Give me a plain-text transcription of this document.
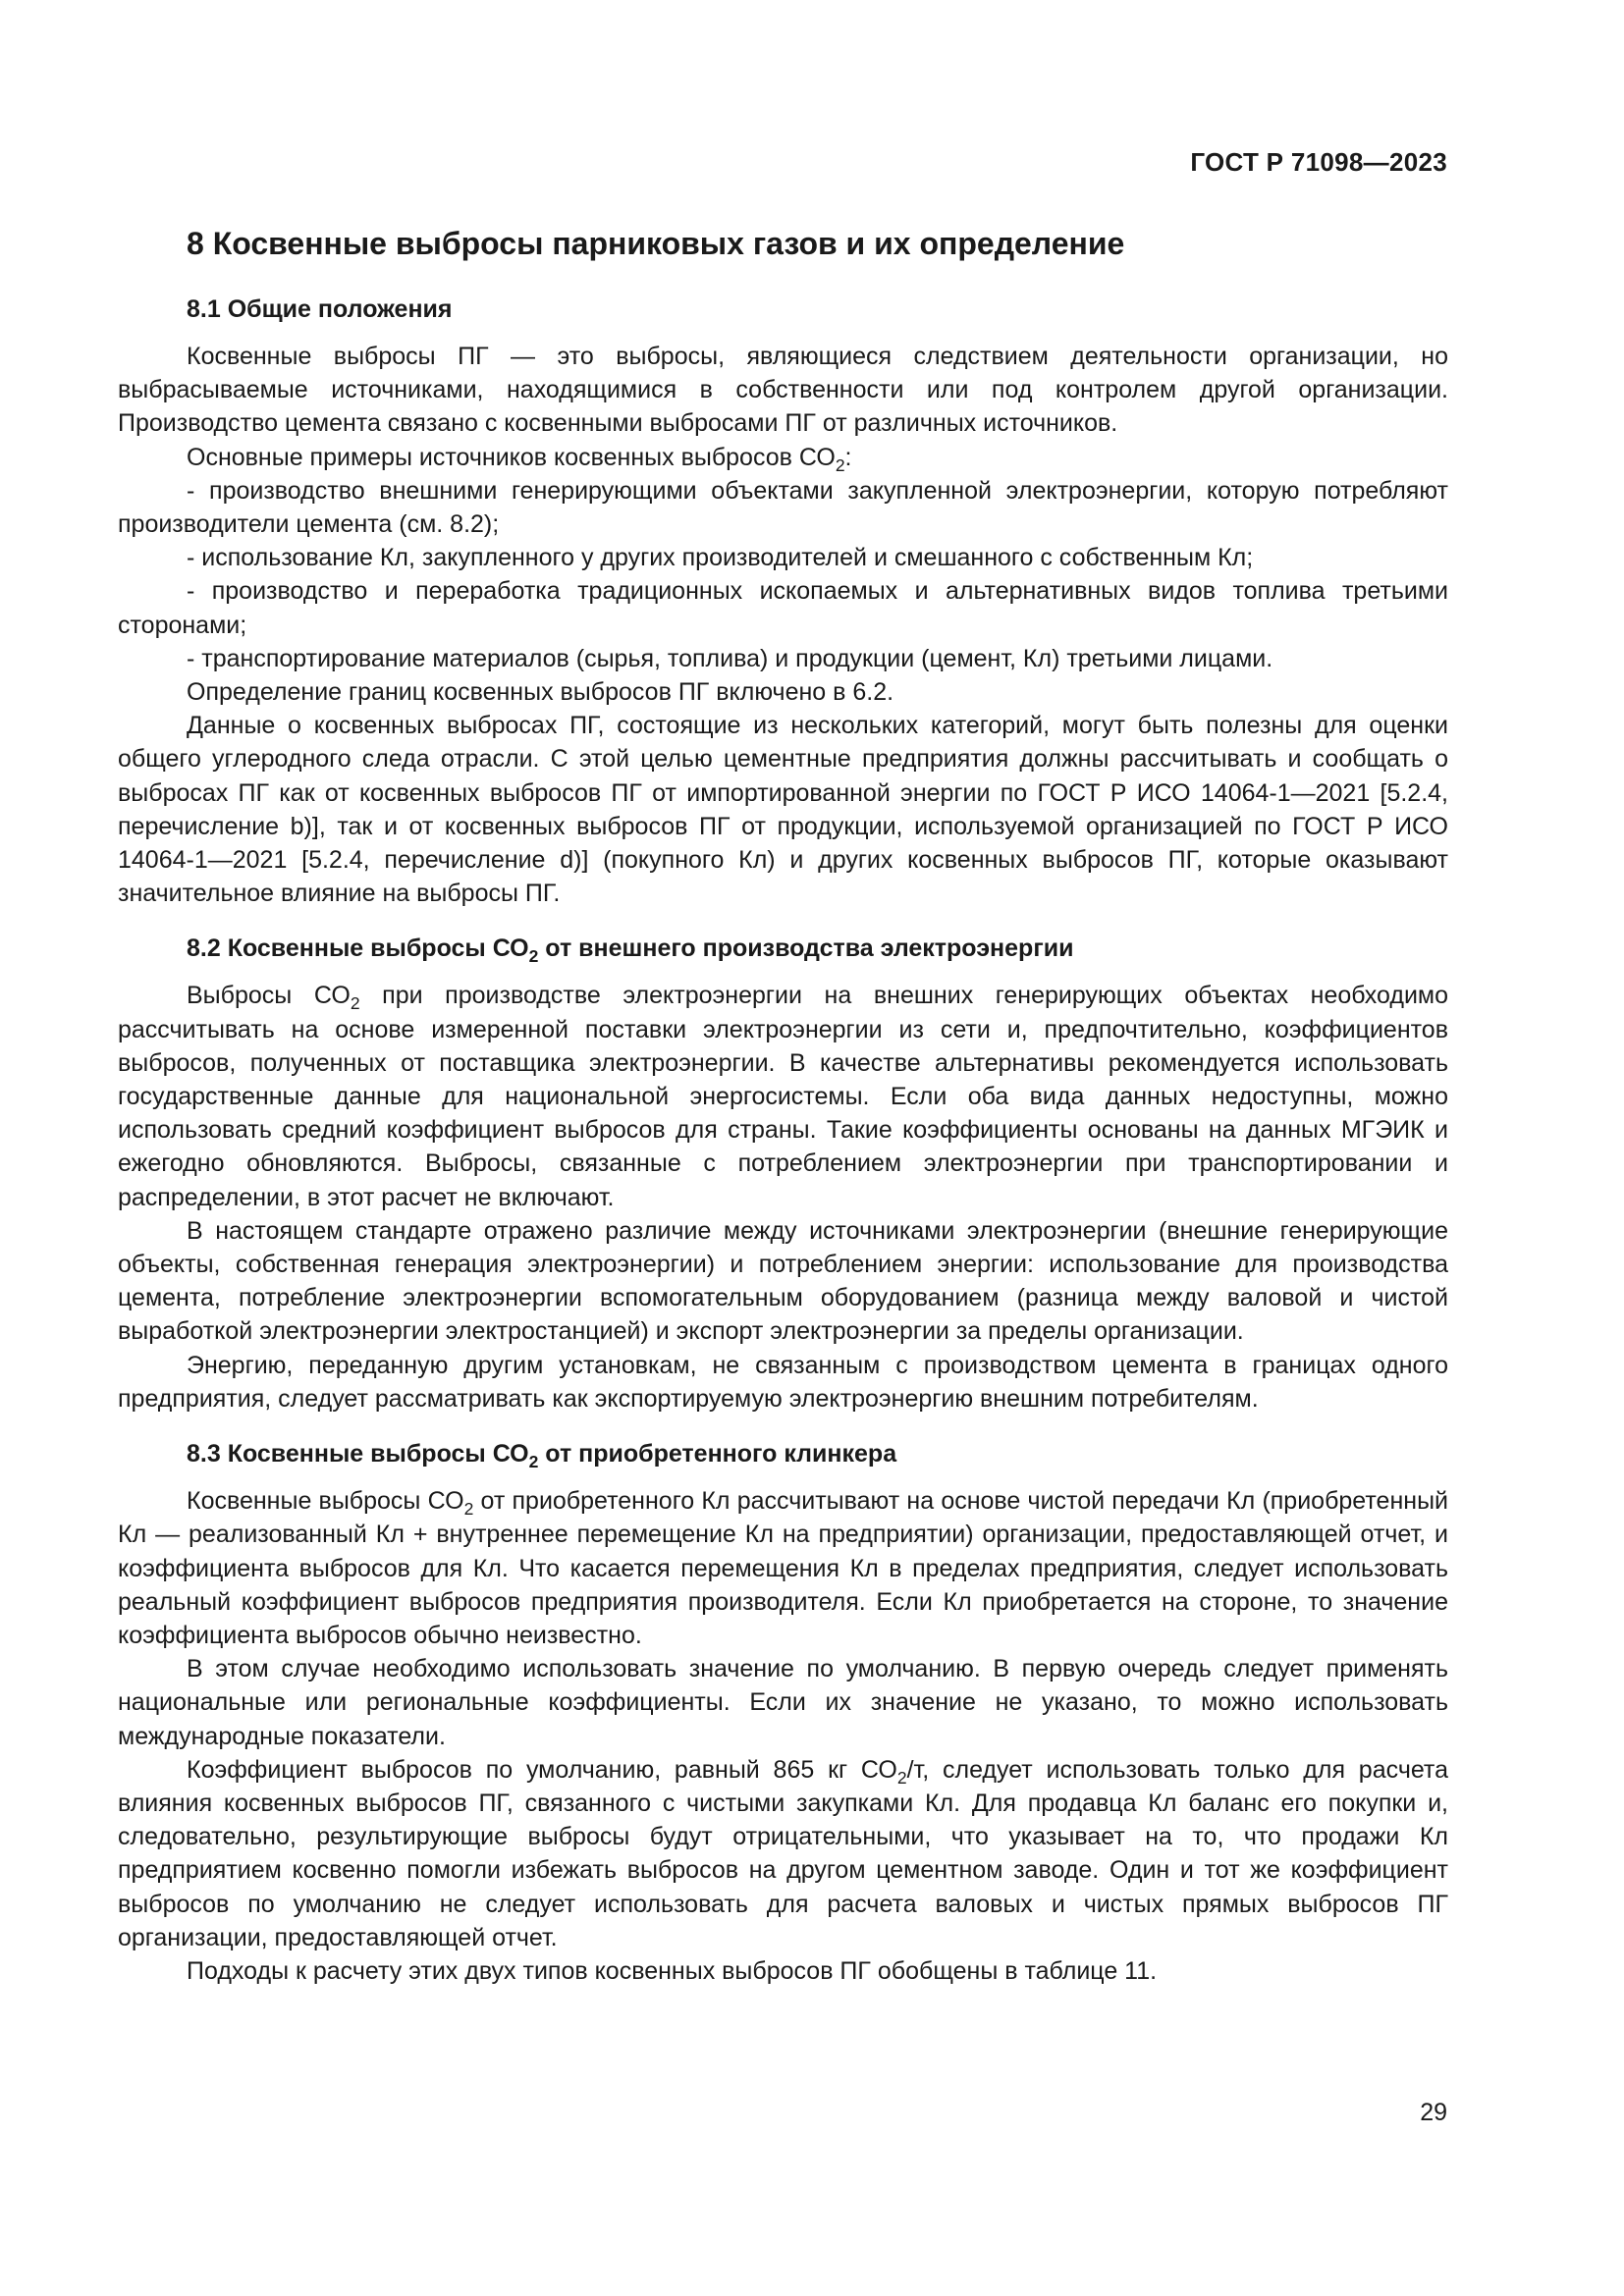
ГОСТ Р 71098—2023
8 Косвенные выбросы парниковых газов и их определение
8.1 Общие положения

Косвенные выбросы ПГ — это выбросы, являющиеся следствием деятельности организации, но выбрасываемые источниками, находящимися в собственности или под контролем другой организации. Производство цемента связано с косвенными выбросами ПГ от различных источников.

Основные примеры источников косвенных выбросов $СО_2$:

- производство внешними генерирующими объектами закупленной электроэнергии, которую потребляют производители цемента (см. 8.2);

- использование Кл, закупленного у других производителей и смешанного с собственным Кл;

- производство и переработка традиционных ископаемых и альтернативных видов топлива третьими сторонами;

- транспортирование материалов (сырья, топлива) и продукции (цемент, Кл) третьими лицами.

Определение границ косвенных выбросов ПГ включено в 6.2.

Данные о косвенных выбросах ПГ, состоящие из нескольких категорий, могут быть полезны для оценки общего углеродного следа отрасли. С этой целью цементные предприятия должны рассчитывать и сообщать о выбросах ПГ как от косвенных выбросов ПГ от импортированной энергии по ГОСТ Р ИСО 14064-1—2021 [5.2.4, перечисление b)], так и от косвенных выбросов ПГ от продукции, используемой организацией по ГОСТ Р ИСО 14064-1—2021 [5.2.4, перечисление d)] (покупного Кл) и других косвенных выбросов ПГ, которые оказывают значительное влияние на выбросы ПГ.

8.2 Косвенные выбросы $СО_2$ от внешнего производства электроэнергии

Выбросы $СО_2$ при производстве электроэнергии на внешних генерирующих объектах необходимо рассчитывать на основе измеренной поставки электроэнергии из сети и, предпочтительно, коэффициентов выбросов, полученных от поставщика электроэнергии. В качестве альтернативы рекомендуется использовать государственные данные для национальной энергосистемы. Если оба вида данных недоступны, можно использовать средний коэффициент выбросов для страны. Такие коэффициенты основаны на данных МГЭИК и ежегодно обновляются. Выбросы, связанные с потреблением электроэнергии при транспортировании и распределении, в этот расчет не включают.

В настоящем стандарте отражено различие между источниками электроэнергии (внешние генерирующие объекты, собственная генерация электроэнергии) и потреблением энергии: использование для производства цемента, потребление электроэнергии вспомогательным оборудованием (разница между валовой и чистой выработкой электроэнергии электростанцией) и экспорт электроэнергии за пределы организации.

Энергию, переданную другим установкам, не связанным с производством цемента в границах одного предприятия, следует рассматривать как экспортируемую электроэнергию внешним потребителям.

8.3 Косвенные выбросы $СО_2$ от приобретенного клинкера

Косвенные выбросы $СО_2$ от приобретенного Кл рассчитывают на основе чистой передачи Кл (приобретенный Кл — реализованный Кл + внутреннее перемещение Кл на предприятии) организации, предоставляющей отчет, и коэффициента выбросов для Кл. Что касается перемещения Кл в пределах предприятия, следует использовать реальный коэффициент выбросов предприятия производителя. Если Кл приобретается на стороне, то значение коэффициента выбросов обычно неизвестно.

В этом случае необходимо использовать значение по умолчанию. В первую очередь следует применять национальные или региональные коэффициенты. Если их значение не указано, то можно использовать международные показатели.

Коэффициент выбросов по умолчанию, равный 865 кг $СО_2/т$, следует использовать только для расчета влияния косвенных выбросов ПГ, связанного с чистыми закупками Кл. Для продавца Кл баланс его покупки и, следовательно, результирующие выбросы будут отрицательными, что указывает на то, что продажи Кл предприятием косвенно помогли избежать выбросов на другом цементном заводе. Один и тот же коэффициент выбросов по умолчанию не следует использовать для расчета валовых и чистых прямых выбросов ПГ организации, предоставляющей отчет.

Подходы к расчету этих двух типов косвенных выбросов ПГ обобщены в таблице 11.

29
